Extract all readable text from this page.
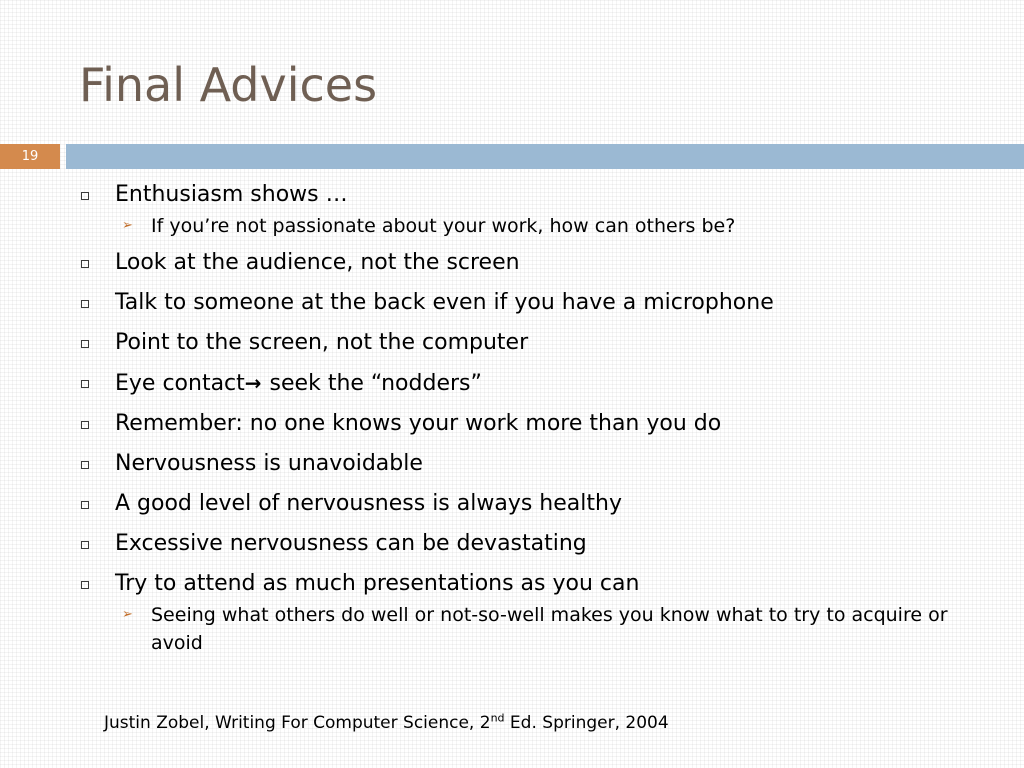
Final Advices
19
Enthusiasm shows …
➢ If you’re not passionate about your work, how can others be?
Look at the audience, not the screen
Talk to someone at the back even if you have a microphone
Point to the screen, not the computer
Eye contact→ seek the “nodders”
Remember: no one knows your work more than you do
Nervousness is unavoidable
A good level of nervousness is always healthy
Excessive nervousness can be devastating
Try to attend as much presentations as you can
➢ Seeing what others do well or not-so-well makes you know what to try to acquire or avoid
Justin Zobel, Writing For Computer Science, 2nd Ed. Springer, 2004
